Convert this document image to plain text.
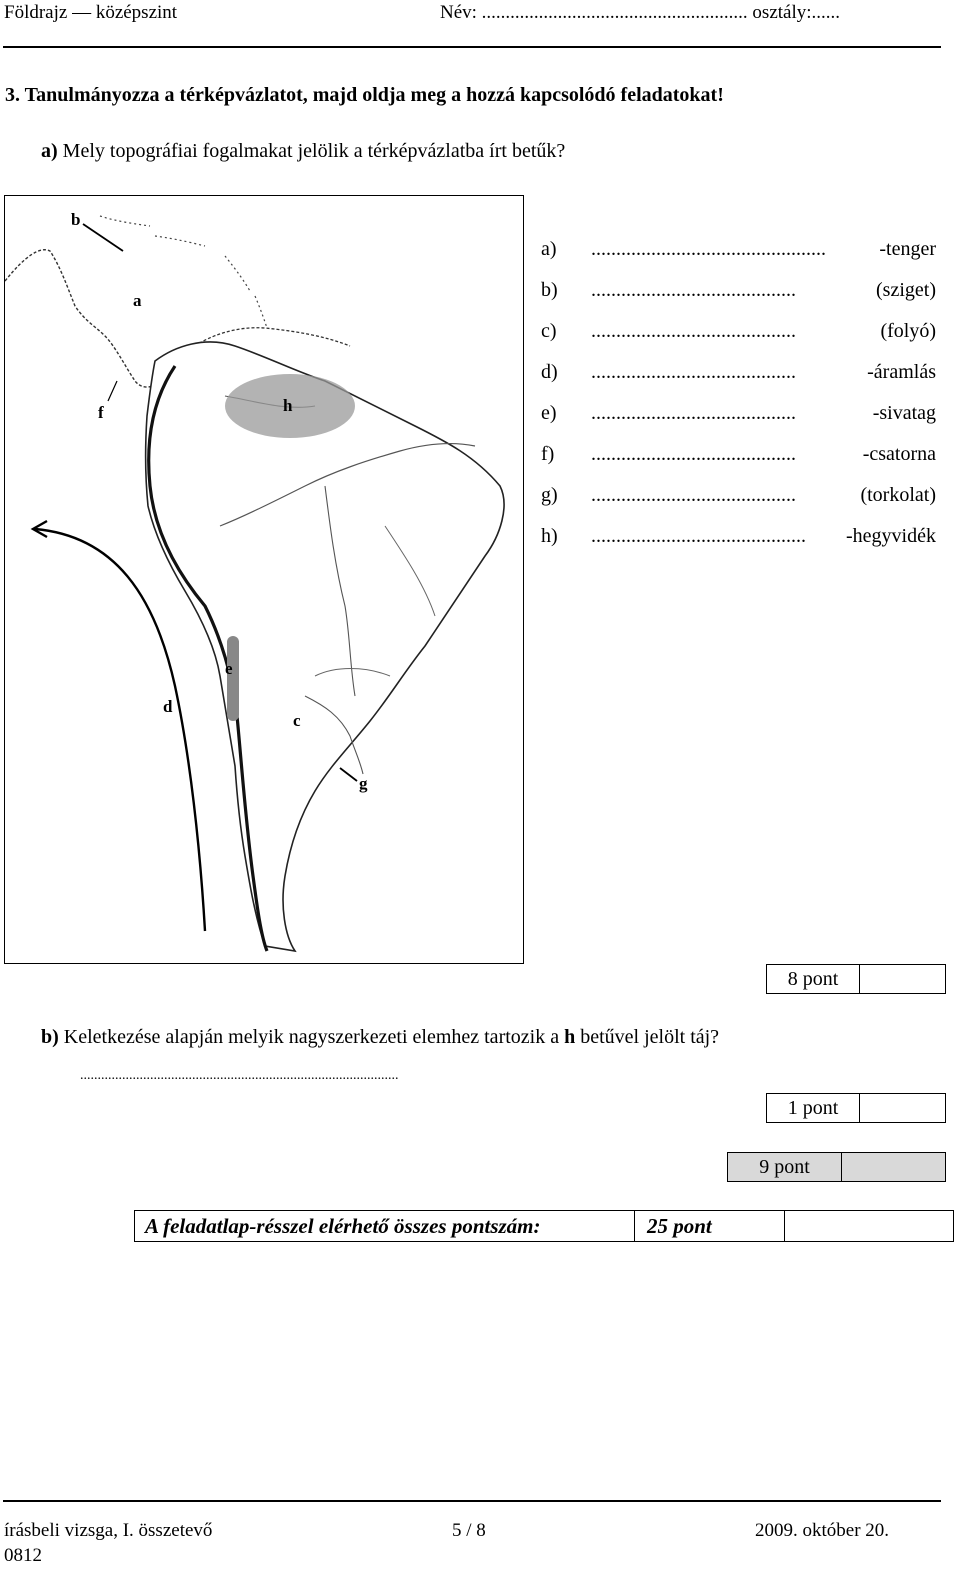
Földrajz — középszint	Név: ........................................................ osztály:......
3. Tanulmányozza a térképvázlatot, majd oldja meg a hozzá kapcsolódó feladatokat!
a) Mely topográfiai fogalmakat jelölik a térképvázlatba írt betűk?
b
a
f	h
e
d
c
g
a)	...............................................	-tenger
b)	.........................................	(sziget)
c)	.........................................	(folyó)
d)	.........................................	-áramlás
e)	.........................................	-sivatag
f)	.........................................	-csatorna
g)	.........................................	(torkolat)
h)	........................................... -hegyvidék
8 pont
b) Keletkezése alapján melyik nagyszerkezeti elemhez tartozik a h betűvel jelölt táj?
...........................................................................................
1 pont
9 pont
A feladatlap-résszel elérhető összes pontszám:	25 pont
írásbeli vizsga, I. összetevő
0812
5 / 8	2009. október 20.
